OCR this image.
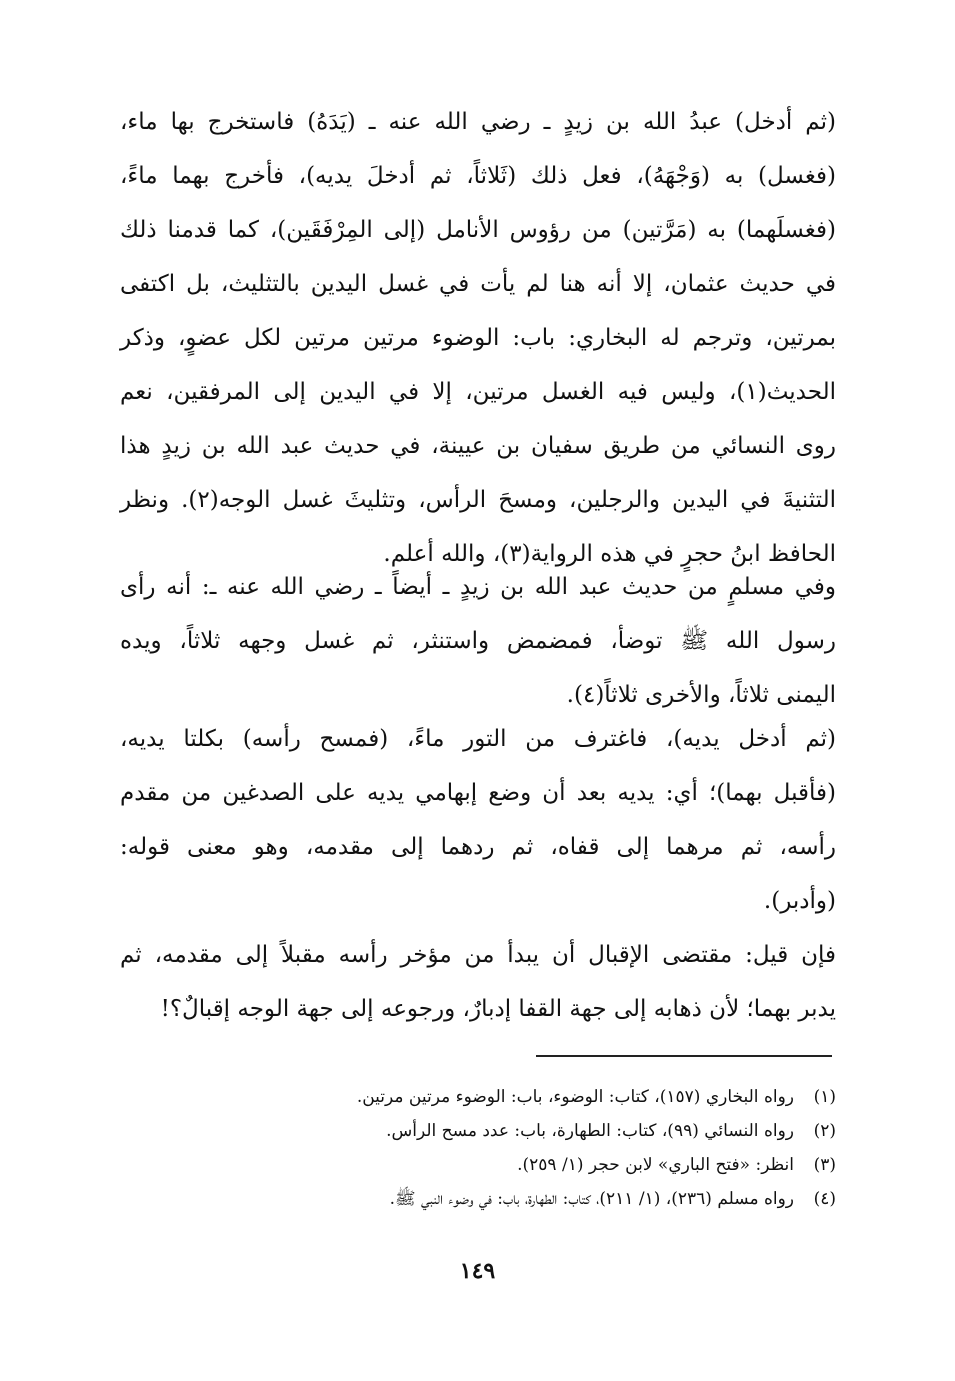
(ثم أدخل) عبدُ الله بن زيدٍ ـ رضي الله عنه ـ (يَدَهُ) فاستخرج بها ماء،
(فغسل) به (وَجْهَهُ)، فعل ذلك (ثَلاثاً، ثم أدخلَ يديه)، فأخرج بهما ماءً،
(فغسلَهما) به (مَرَّتين) من رؤوس الأنامل (إلى المِرْفَقَين)، كما قدمنا ذلك
في حديث عثمان، إلا أنه هنا لم يأت في غسل اليدين بالتثليث، بل اكتفى
بمرتين، وترجم له البخاري: باب: الوضوء مرتين مرتين لكل عضوٍ، وذكر
الحديث(١)، وليس فيه الغسل مرتين، إلا في اليدين إلى المرفقين، نعم
روى النسائي من طريق سفيان بن عيينة، في حديث عبد الله بن زيدٍ هذا
التثنيةَ في اليدين والرجلين، ومسحَ الرأس، وتثليثَ غسل الوجه(٢). ونظر
الحافظ ابنُ حجرٍ في هذه الرواية(٣)، والله أعلم.
وفي مسلمٍ من حديث عبد الله بن زيدٍ ـ أيضاً ـ رضي الله عنه ـ: أنه رأى
رسول الله ﷺ توضأ، فمضمض واستنثر، ثم غسل وجهه ثلاثاً، ويده
اليمنى ثلاثاً، والأخرى ثلاثاً(٤).
(ثم أدخل يديه)، فاغترف من التور ماءً، (فمسح رأسه) بكلتا يديه،
(فأقبل بهما)؛ أي: يديه بعد أن وضع إبهامي يديه على الصدغين من مقدم
رأسه، ثم مرهما إلى قفاه، ثم ردهما إلى مقدمه، وهو معنى قوله:
(وأدبر).
فإن قيل: مقتضى الإقبال أن يبدأ من مؤخر رأسه مقبلاً إلى مقدمه، ثم
يدبر بهما؛ لأن ذهابه إلى جهة القفا إدبارٌ، ورجوعه إلى جهة الوجه إقبالٌ؟!
(١)رواه البخاري (١٥٧)، كتاب: الوضوء، باب: الوضوء مرتين مرتين.
(٢)رواه النسائي (٩٩)، كتاب: الطهارة، باب: عدد مسح الرأس.
(٣)انظر: «فتح الباري» لابن حجر (١/ ٢٥٩).
(٤)رواه مسلم (٢٣٦)، (١/ ٢١١)، كتاب: الطهارة، باب: في وضوء النبي ﷺ.
١٤٩
